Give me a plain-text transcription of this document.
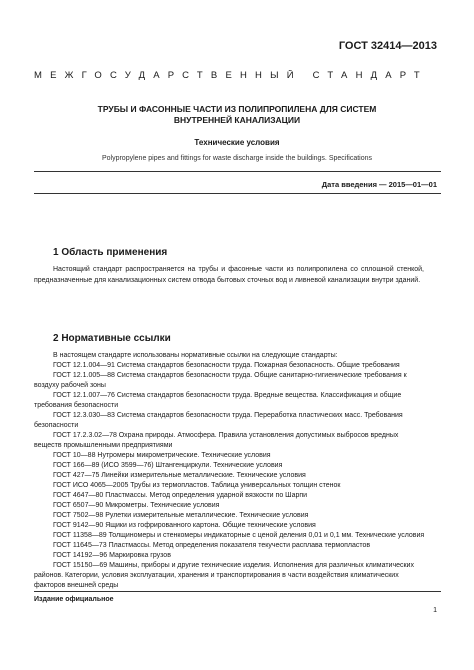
ГОСТ 32414—2013
МЕЖГОСУДАРСТВЕННЫЙ СТАНДАРТ
ТРУБЫ И ФАСОННЫЕ ЧАСТИ ИЗ ПОЛИПРОПИЛЕНА ДЛЯ СИСТЕМ
ВНУТРЕННЕЙ КАНАЛИЗАЦИИ
Технические условия
Polypropylene pipes and fittings for waste discharge inside the buildings. Specifications
Дата введения — 2015—01—01
1 Область применения
Настоящий стандарт распространяется на трубы и фасонные части из полипропилена со сплошной стенкой, предназначенные для канализационных систем отвода бытовых сточных вод и ливневой канализации внутри зданий.
2 Нормативные ссылки

В настоящем стандарте использованы нормативные ссылки на следующие стандарты:

ГОСТ 12.1.004—91 Система стандартов безопасности труда. Пожарная безопасность. Общие требования

ГОСТ 12.1.005—88 Система стандартов безопасности труда. Общие санитарно-гигиенические требования к воздуху рабочей зоны

ГОСТ 12.1.007—76 Система стандартов безопасности труда. Вредные вещества. Классификация и общие требования безопасности

ГОСТ 12.3.030—83 Система стандартов безопасности труда. Переработка пластических масс. Требования безопасности

ГОСТ 17.2.3.02—78 Охрана природы. Атмосфера. Правила установления допустимых выбросов вредных веществ промышленными предприятиями

ГОСТ 10—88 Нутромеры микрометрические. Технические условия

ГОСТ 166—89 (ИСО 3599—76) Штангенциркули. Технические условия

ГОСТ 427—75 Линейки измерительные металлические. Технические условия

ГОСТ ИСО 4065—2005 Трубы из термопластов. Таблица универсальных толщин стенок

ГОСТ 4647—80 Пластмассы. Метод определения ударной вязкости по Шарпи

ГОСТ 6507—90 Микрометры. Технические условия

ГОСТ 7502—98 Рулетки измерительные металлические. Технические условия

ГОСТ 9142—90 Ящики из гофрированного картона. Общие технические условия

ГОСТ 11358—89 Толщиномеры и стенкомеры индикаторные с ценой деления 0,01 и 0,1 мм. Технические условия

ГОСТ 11645—73 Пластмассы. Метод определения показателя текучести расплава термопластов

ГОСТ 14192—96 Маркировка грузов

ГОСТ 15150—69 Машины, приборы и другие технические изделия. Исполнения для различных климатических районов. Категории, условия эксплуатации, хранения и транспортирования в части воздействия климатических факторов внешней среды

Издание официальное
1
